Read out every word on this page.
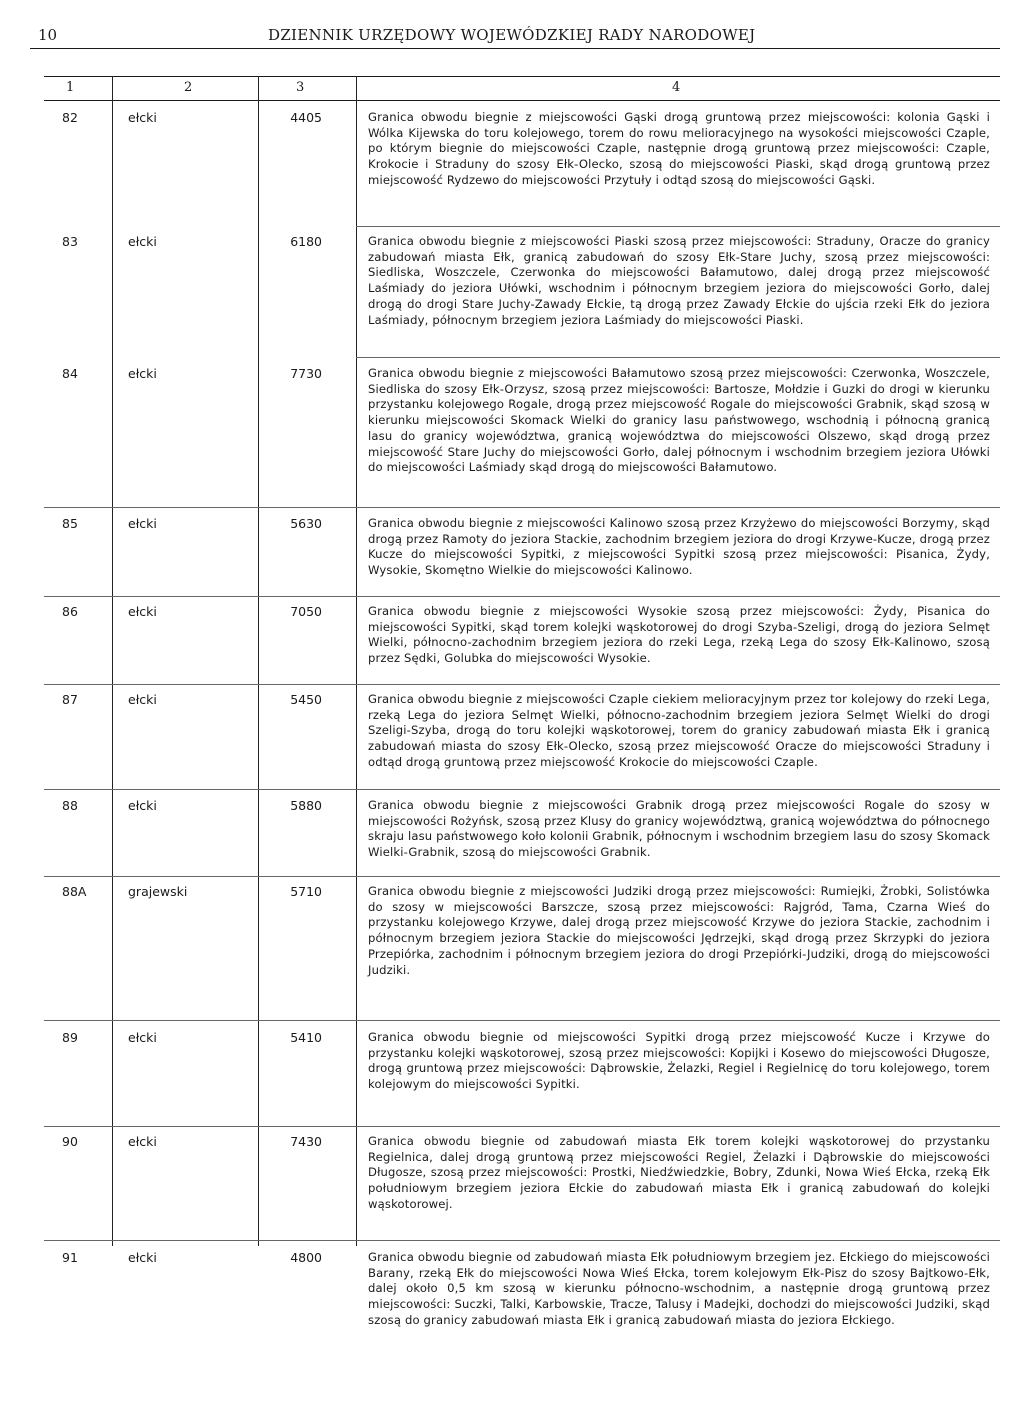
10	DZIENNIK URZĘDOWY WOJEWÓDZKIEJ RADY NARODOWEJ
1	2	3	4
82	ełcki	4405	Granica obwodu biegnie z miejscowości Gąski drogą gruntową przez miejscowości: kolonia Gąski i Wólka Kijewska do toru kolejowego, torem do rowu melioracyjnego na wysokości miejscowości Czaple, po którym biegnie do miejscowości Czaple, następnie drogą gruntową przez miejscowości: Czaple, Krokocie i Straduny do szosy Ełk-Olecko, szosą do miejscowości Piaski, skąd drogą gruntową przez miejscowość Rydzewo do miejscowości Przytuły i odtąd szosą do miejscowości Gąski.
83	ełcki	6180	Granica obwodu biegnie z miejscowości Piaski szosą przez miejscowości: Straduny, Oracze do granicy zabudowań miasta Ełk, granicą zabudowań do szosy Ełk-Stare Juchy, szosą przez miejscowości: Siedliska, Woszczele, Czerwonka do miejscowości Bałamutowo, dalej drogą przez miejscowość Laśmiady do jeziora Ułówki, wschodnim i północnym brzegiem jeziora do miejscowości Gorło, dalej drogą do drogi Stare Juchy-Zawady Ełckie, tą drogą przez Zawady Ełckie do ujścia rzeki Ełk do jeziora Laśmiady, północnym brzegiem jeziora Laśmiady do miejscowości Piaski.
84	ełcki	7730	Granica obwodu biegnie z miejscowości Bałamutowo szosą przez miejscowości: Czerwonka, Woszczele, Siedliska do szosy Ełk-Orzysz, szosą przez miejscowości: Bartosze, Mołdzie i Guzki do drogi w kierunku przystanku kolejowego Rogale, drogą przez miejscowość Rogale do miejscowości Grabnik, skąd szosą w kierunku miejscowości Skomack Wielki do granicy lasu państwowego, wschodnią i północną granicą lasu do granicy województwa, granicą województwa do miejscowości Olszewo, skąd drogą przez miejscowość Stare Juchy do miejscowości Gorło, dalej północnym i wschodnim brzegiem jeziora Ułówki do miejscowości Laśmiady skąd drogą do miejscowości Bałamutowo.
85	ełcki	5630	Granica obwodu biegnie z miejscowości Kalinowo szosą przez Krzyżewo do miejscowości Borzymy, skąd drogą przez Ramoty do jeziora Stackie, zachodnim brzegiem jeziora do drogi Krzywe-Kucze, drogą przez Kucze do miejscowości Sypitki, z miejscowości Sypitki szosą przez miejscowości: Pisanica, Żydy, Wysokie, Skomętno Wielkie do miejscowości Kalinowo.
86	ełcki	7050	Granica obwodu biegnie z miejscowości Wysokie szosą przez miejscowości: Żydy, Pisanica do miejscowości Sypitki, skąd torem kolejki wąskotorowej do drogi Szyba-Szeligi, drogą do jeziora Selmęt Wielki, północno-zachodnim brzegiem jeziora do rzeki Lega, rzeką Lega do szosy Ełk-Kalinowo, szosą przez Sędki, Golubka do miejscowości Wysokie.
87	ełcki	5450	Granica obwodu biegnie z miejscowości Czaple ciekiem melioracyjnym przez tor kolejowy do rzeki Lega, rzeką Lega do jeziora Selmęt Wielki, północno-zachodnim brzegiem jeziora Selmęt Wielki do drogi Szeligi-Szyba, drogą do toru kolejki wąskotorowej, torem do granicy zabudowań miasta Ełk i granicą zabudowań miasta do szosy Ełk-Olecko, szosą przez miejscowość Oracze do miejscowości Straduny i odtąd drogą gruntową przez miejscowość Krokocie do miejscowości Czaple.
88	ełcki	5880	Granica obwodu biegnie z miejscowości Grabnik drogą przez miejscowości Rogale do szosy w miejscowości Rożyńsk, szosą przez Klusy do granicy województwą, granicą województwa do północnego skraju lasu państwowego koło kolonii Grabnik, północnym i wschodnim brzegiem lasu do szosy Skomack Wielki-Grabnik, szosą do miejscowości Grabnik.
88A	grajewski	5710	Granica obwodu biegnie z miejscowości Judziki drogą przez miejscowości: Rumiejki, Żrobki, Solistówka do szosy w miejscowości Barszcze, szosą przez miejscowości: Rajgród, Tama, Czarna Wieś do przystanku kolejowego Krzywe, dalej drogą przez miejscowość Krzywe do jeziora Stackie, zachodnim i północnym brzegiem jeziora Stackie do miejscowości Jędrzejki, skąd drogą przez Skrzypki do jeziora Przepiórka, zachodnim i północnym brzegiem jeziora do drogi Przepiórki-Judziki, drogą do miejscowości Judziki.
89	ełcki	5410	Granica obwodu biegnie od miejscowości Sypitki drogą przez miejscowość Kucze i Krzywe do przystanku kolejki wąskotorowej, szosą przez miejscowości: Kopijki i Kosewo do miejscowości Długosze, drogą gruntową przez miejscowości: Dąbrowskie, Żelazki, Regiel i Regielnicę do toru kolejowego, torem kolejowym do miejscowości Sypitki.
90	ełcki	7430	Granica obwodu biegnie od zabudowań miasta Ełk torem kolejki wąskotorowej do przystanku Regielnica, dalej drogą gruntową przez miejscowości Regiel, Żelazki i Dąbrowskie do miejscowości Długosze, szosą przez miejscowości: Prostki, Niedźwiedzkie, Bobry, Zdunki, Nowa Wieś Ełcka, rzeką Ełk południowym brzegiem jeziora Ełckie do zabudowań miasta Ełk i granicą zabudowań do kolejki wąskotorowej.
91	ełcki	4800	Granica obwodu biegnie od zabudowań miasta Ełk południowym brzegiem jez. Ełckiego do miejscowości Barany, rzeką Ełk do miejscowości Nowa Wieś Ełcka, torem kolejowym Ełk-Pisz do szosy Bajtkowo-Ełk, dalej około 0,5 km szosą w kierunku północno-wschodnim, a następnie drogą gruntową przez miejscowości: Suczki, Talki, Karbowskie, Tracze, Talusy i Madejki, dochodzi do miejscowości Judziki, skąd szosą do granicy zabudowań miasta Ełk i granicą zabudowań miasta do jeziora Ełckiego.
